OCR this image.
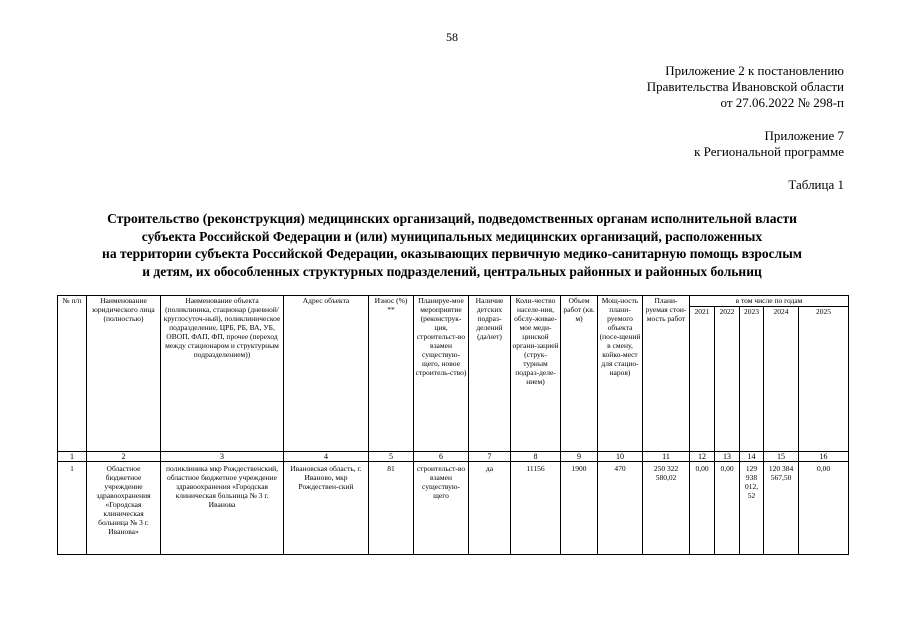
58
Приложение 2 к постановлению
Правительства Ивановской области
от 27.06.2022 № 298-п
Приложение 7
к Региональной программе
Таблица 1
Строительство (реконструкция) медицинских организаций, подведомственных органам исполнительной власти
субъекта Российской Федерации и (или) муниципальных медицинских организаций, расположенных
на территории субъекта Российской Федерации, оказывающих первичную медико-санитарную помощь взрослым
и детям, их обособленных структурных подразделений, центральных районных и районных больниц
№ п/п	Наименование юридического лица (полностью)	Наименование объекта (поликлиника, стационар (дневной/круглосуточ-ный), поликлиническое подразделение, ЦРБ, РБ, ВА, УБ, ОВОП, ФАП, ФП, прочее (переход между стационаром и структурным подразделением))	Адрес объекта	Износ (%) **	Планируе-мое мероприятие (реконструк-ция, строительст-во взамен существую-щего, новое строитель-ство)	Наличие детских подраз-делений (да/нет)	Коли-чество населе-ния, обслу-живае-мое меди-цинской органи-зацией (струк-турным подраз-деле-нием)	Объем работ (кв. м)	Мощ-ность плани-руемого объекта (посе-щений в смену, койко-мест для стацио-наров)	Плани-руемая стои-мость работ	в том числе по годам				
											2021	2022	2023	2024	2025
1	2	3	4	5	6	7	8	9	10	11	12	13	14	15	16
1	Областное бюджетное учреждение здравоохранения «Городская клиническая больница № 3 г. Иванова»	поликлиника мкр Рождественский, областное бюджетное учреждение здравоохранения «Городская клиническая больница № 3 г. Иванова	Ивановская область, г. Иваново, мкр Рождествен-ский	81	строительст-во взамен существую-щего	да	11156	1900	470	250 322 580,02	0,00	0,00	129 938 012, 52	120 384 567,50	0,00
